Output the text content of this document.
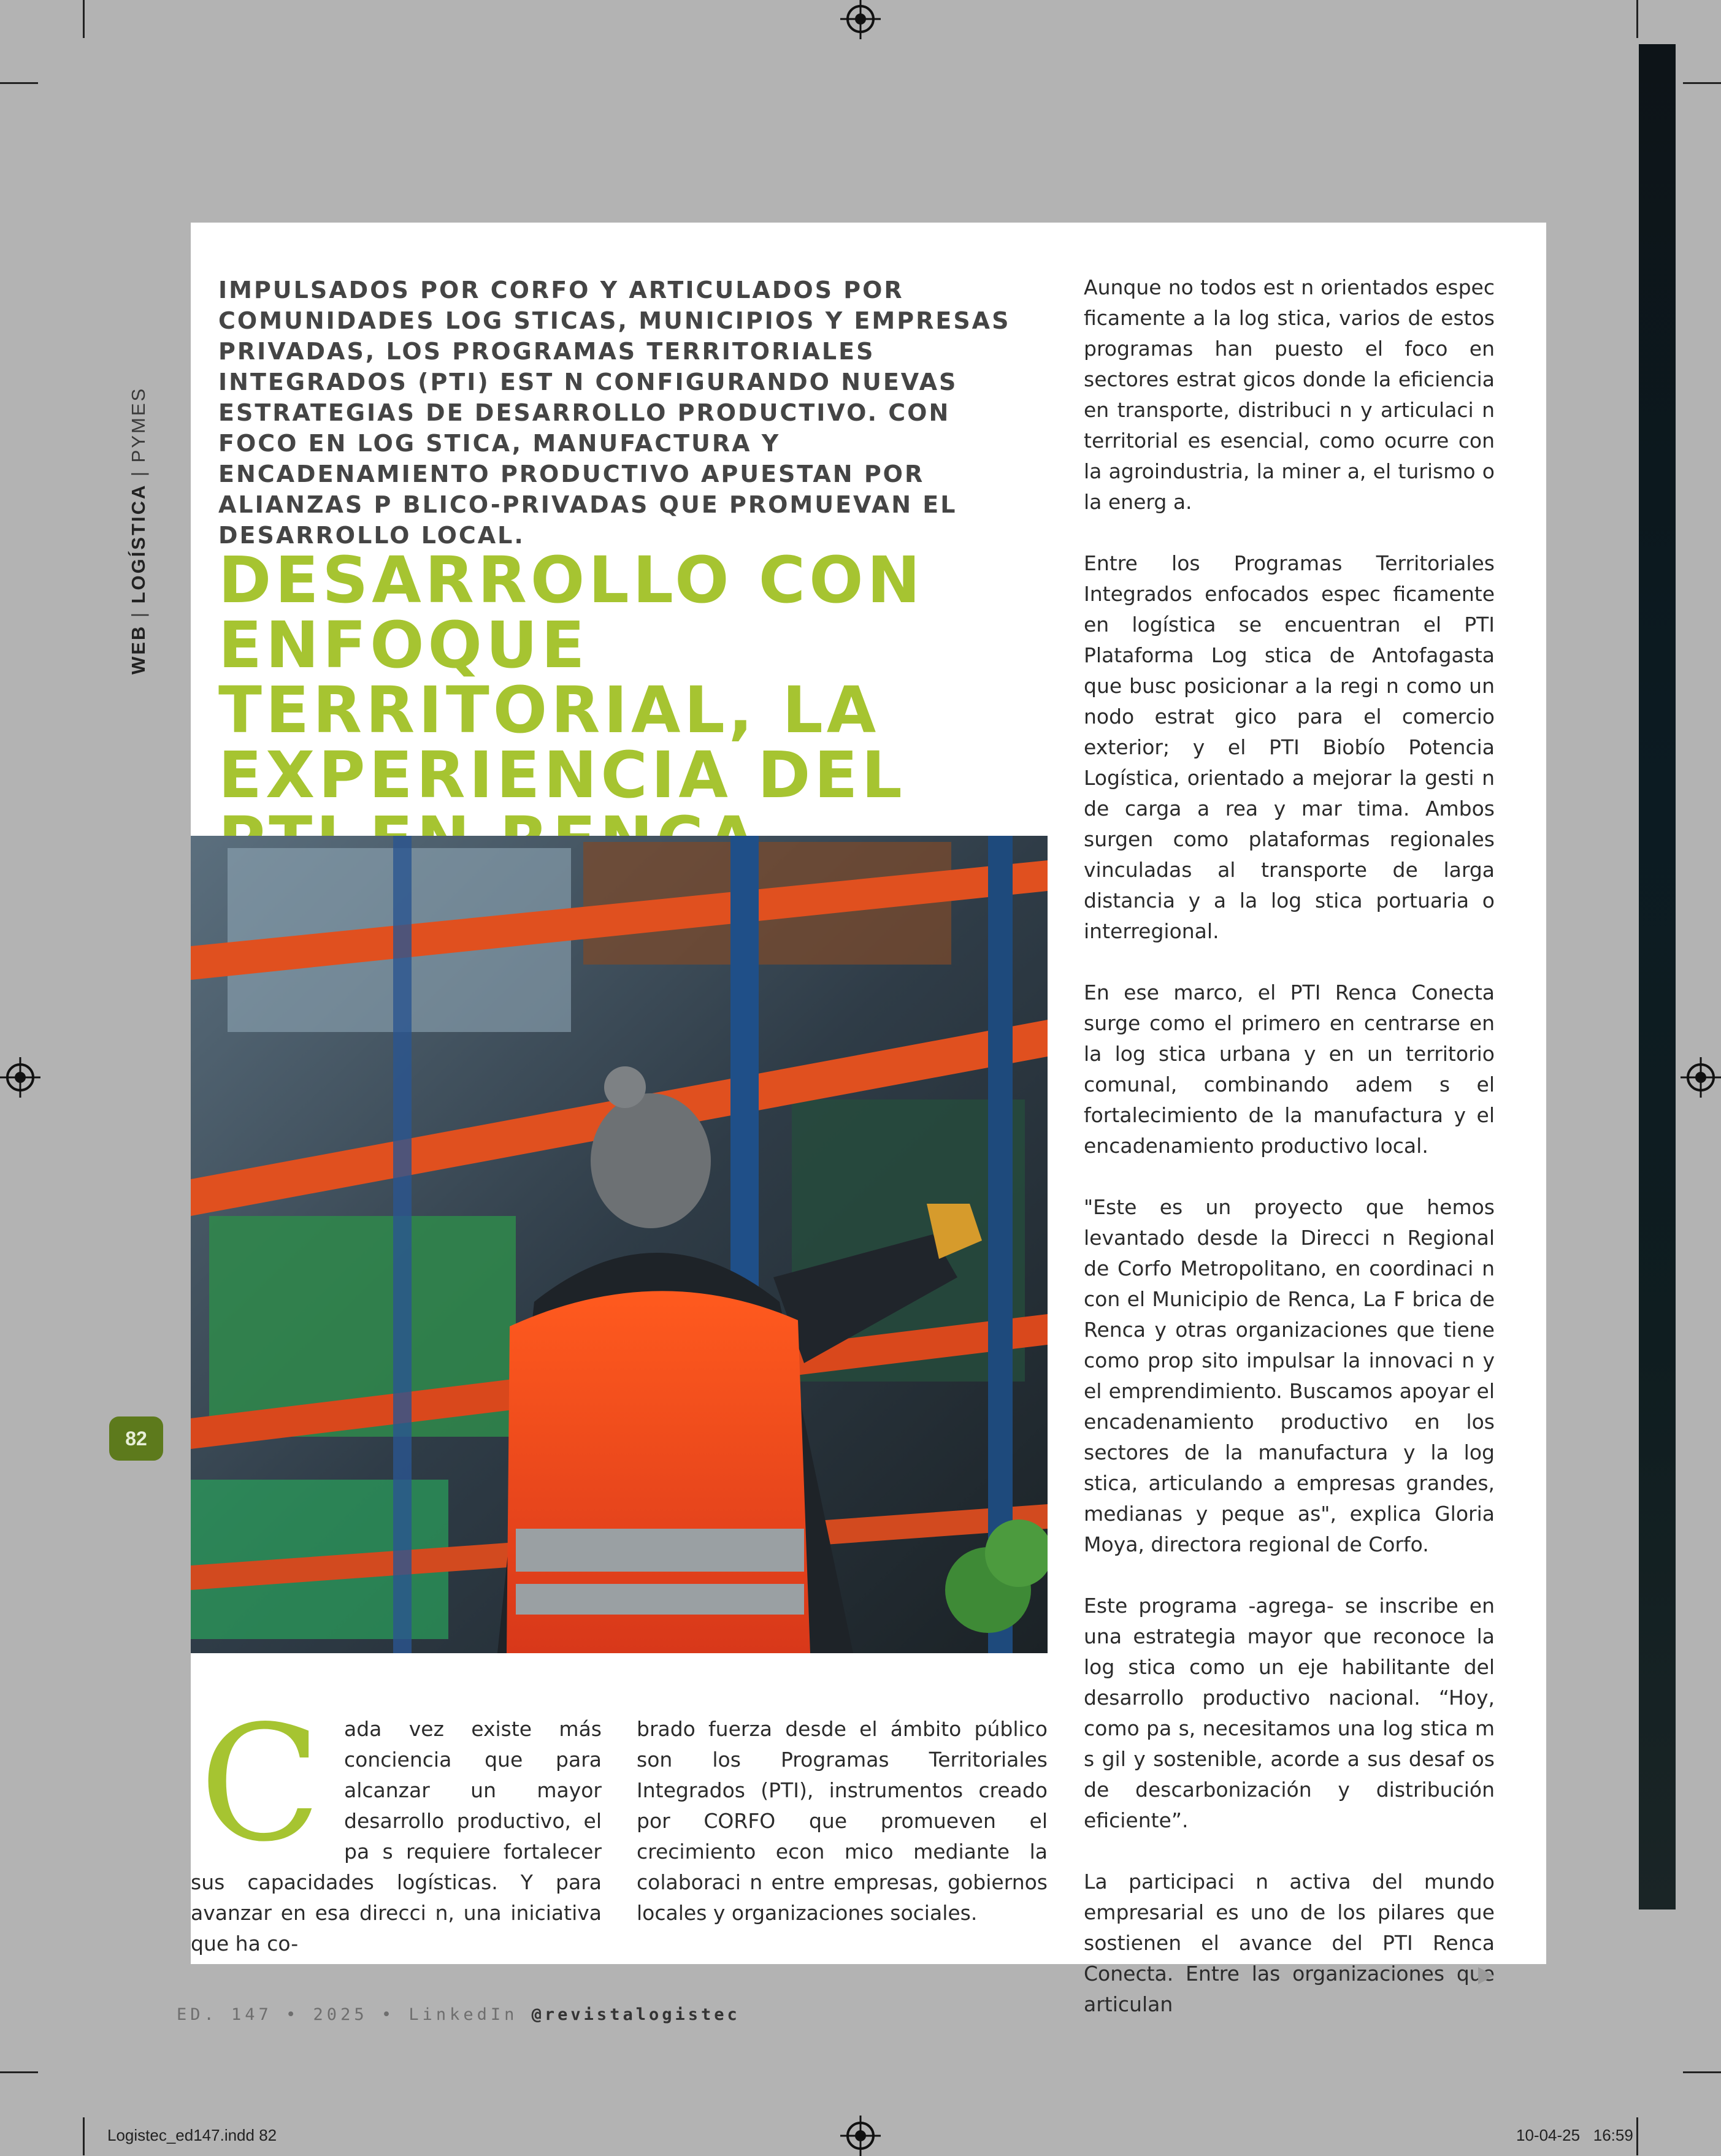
WEB | LOGÍSTICA | PYMES
82
IMPULSADOS POR CORFO Y ARTICULADOS POR COMUNIDADES LOG STICAS, MUNICIPIOS Y EMPRESAS PRIVADAS, LOS PROGRAMAS TERRITORIALES INTEGRADOS (PTI) EST N CONFIGURANDO NUEVAS ESTRATEGIAS DE DESARROLLO PRODUCTIVO. CON FOCO EN LOG STICA, MANUFACTURA Y ENCADENAMIENTO PRODUCTIVO APUESTAN POR ALIANZAS P BLICO-PRIVADAS QUE PROMUEVAN EL DESARROLLO LOCAL.
DESARROLLO CON ENFOQUE TERRITORIAL, LA EXPERIENCIA DEL
C	ada vez existe más conciencia que para alcanzar un mayor desarrollo productivo, el pa s requiere fortalecer sus capacidades logísticas. Y para avanzar en esa direcci n, una iniciativa que ha co-
brado fuerza desde el ámbito público son los Programas Territoriales Integrados (PTI), instrumentos creado por CORFO que promueven el crecimiento econ mico mediante la colaboraci n entre empresas, gobiernos locales y organizaciones sociales.

Aunque no todos est n orientados espec ficamente a la log stica, varios de estos programas han puesto el foco en sectores estrat gicos donde la eficiencia en transporte, distribuci n y articulaci n territorial es esencial, como ocurre con la agroindustria, la miner a, el turismo o la energ a.

Entre los Programas Territoriales Integrados enfocados espec ficamente en logística se encuentran el PTI Plataforma Log stica de Antofagasta que busc posicionar a la regi n como un nodo estrat gico para el comercio exterior; y el PTI Biobío Potencia Logística, orientado a mejorar la gesti n de carga a rea y mar tima. Ambos surgen como plataformas regionales vinculadas al transporte de larga distancia y a la log stica portuaria o interregional.

En ese marco, el PTI Renca Conecta surge como el primero en centrarse en la log stica urbana y en un territorio comunal, combinando adem s el fortalecimiento de la manufactura y el encadenamiento productivo local.

"Este es un proyecto que hemos levantado desde la Direcci n Regional de Corfo Metropolitano, en coordinaci n con el Municipio de Renca, La F brica de Renca y otras organizaciones que tiene como prop sito impulsar la innovaci n y el emprendimiento. Buscamos apoyar el encadenamiento productivo en los sectores de la manufactura y la log stica, articulando a empresas grandes, medianas y peque as", explica Gloria Moya, directora regional de Corfo.

Este programa -agrega- se inscribe en una estrategia mayor que reconoce la log stica como un eje habilitante del desarrollo productivo nacional. “Hoy, como pa s, necesitamos una log stica m s gil y sostenible, acorde a sus desaf os de descarbonización y distribución eficiente”.

La participaci n activa del mundo empresarial es uno de los pilares que sostienen el avance del PTI Renca Conecta. Entre las organizaciones que articulan

ED. 147 • 2025 • LinkedIn @revistalogistec
Logistec_ed147.indd 82	10-04-25   16:59
